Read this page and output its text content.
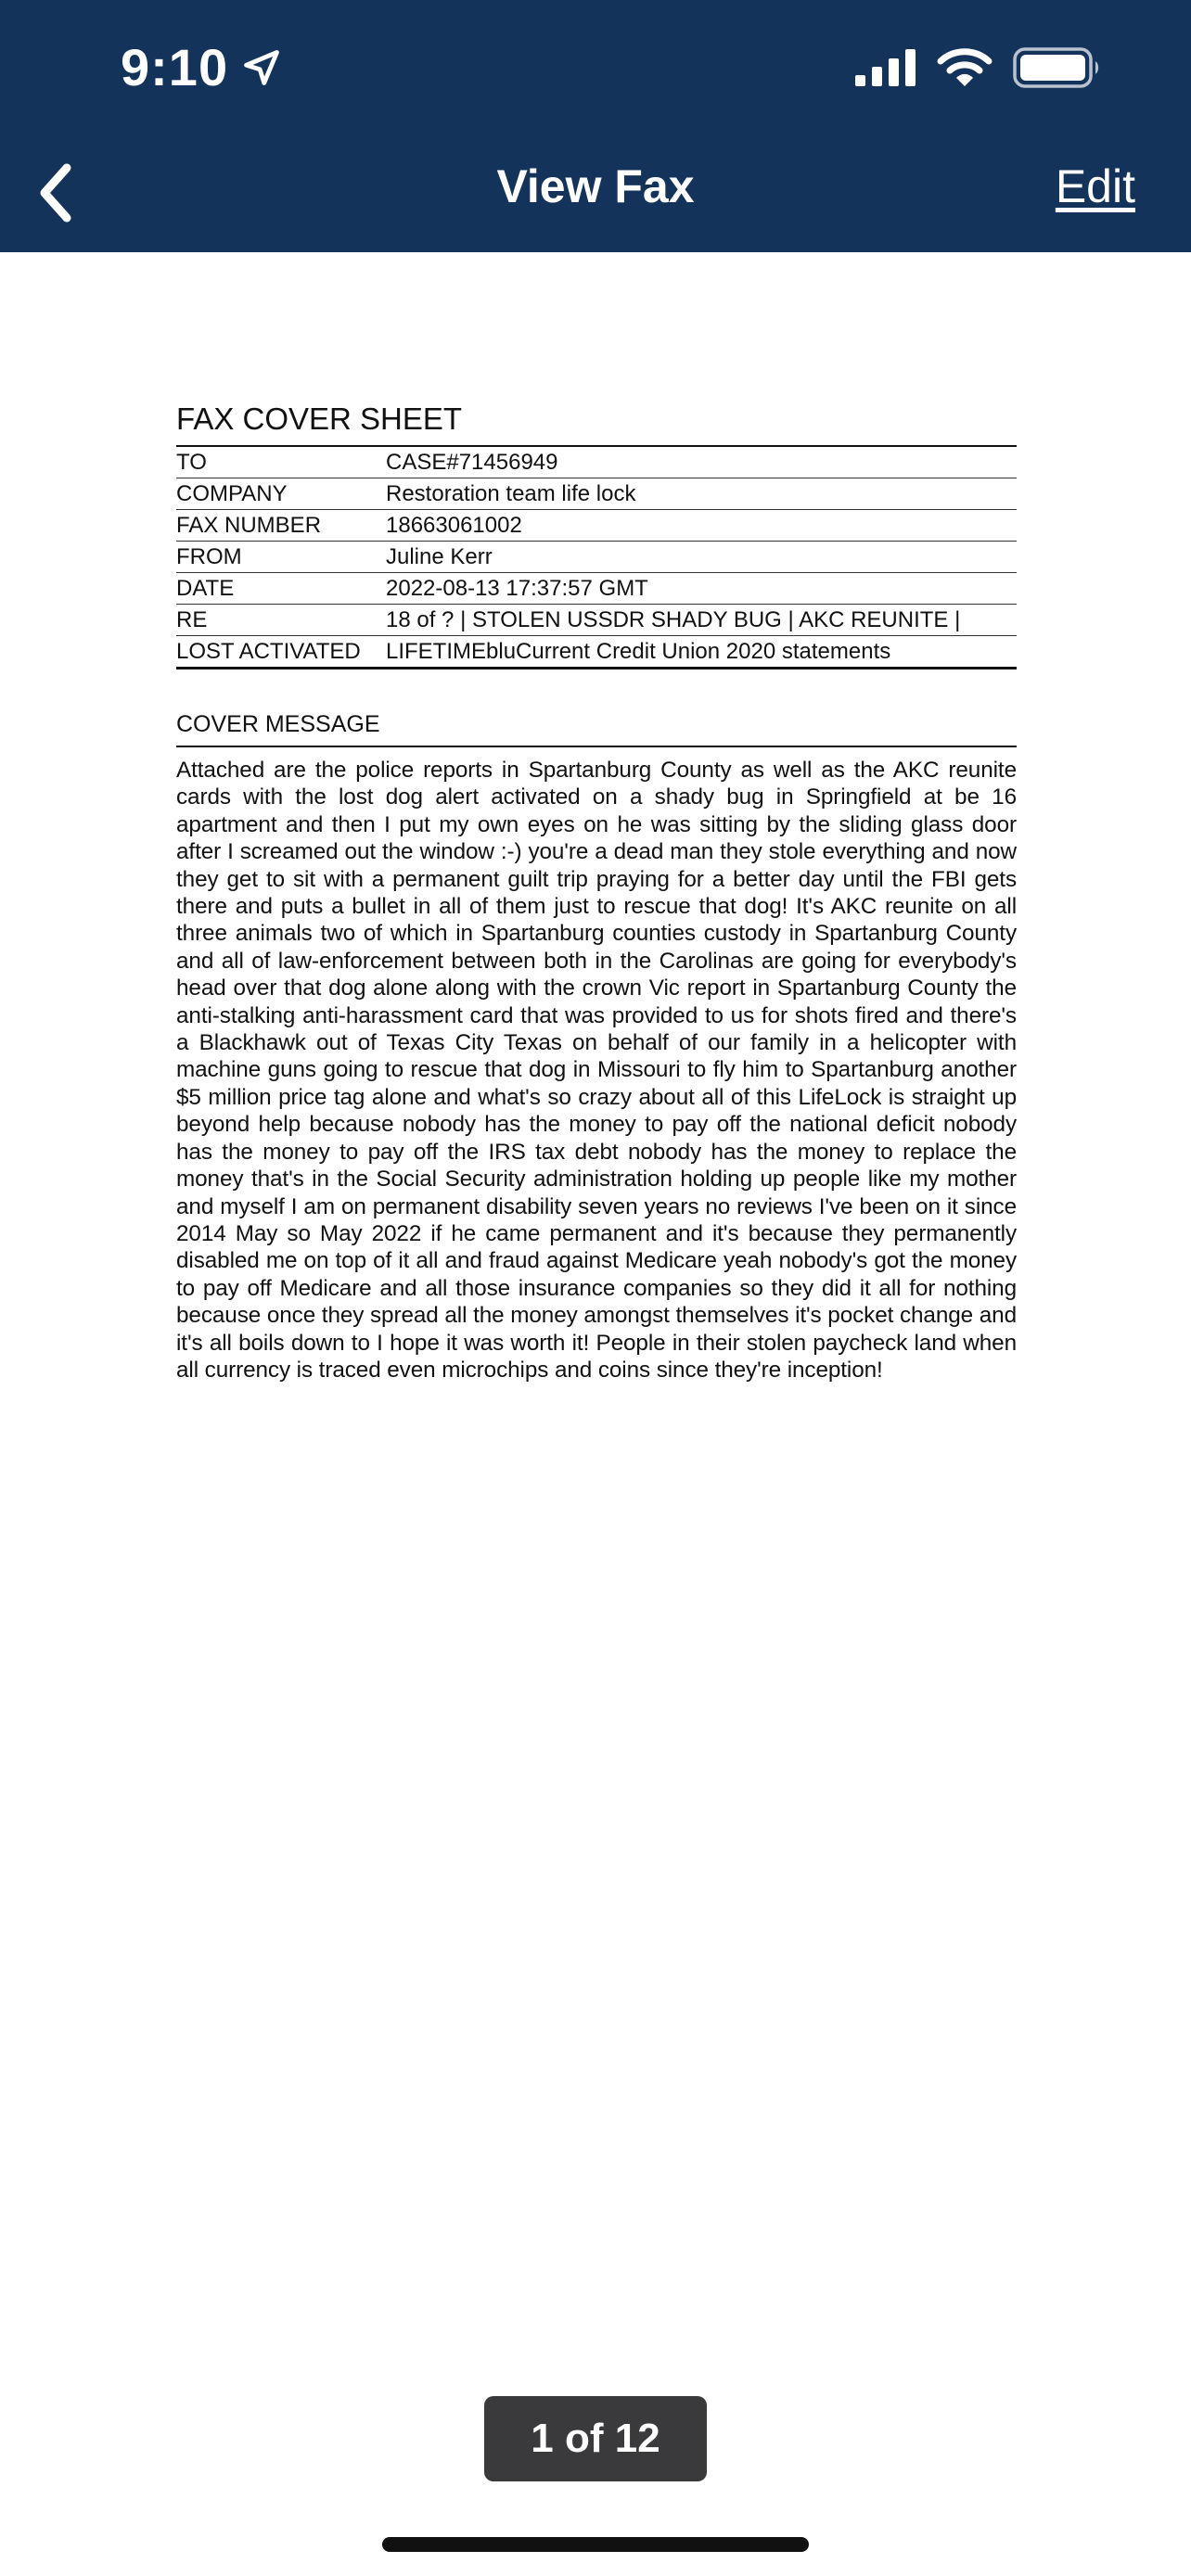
9:10
View Fax	Edit
FAX COVER SHEET
TO	CASE#71456949
COMPANY	Restoration team life lock
FAX NUMBER	18663061002
FROM	Juline Kerr
DATE	2022-08-13 17:37:57 GMT
RE	18 of ? | STOLEN USSDR SHADY BUG | AKC REUNITE |
LOST ACTIVATED	LIFETIMEbluCurrent Credit Union 2020 statements
COVER MESSAGE
Attached are the police reports in Spartanburg County as well as the AKC reunite cards with the lost dog alert activated on a shady bug in Springfield at be 16 apartment and then I put my own eyes on he was sitting by the sliding glass door after I screamed out the window :-) you're a dead man they stole everything and now they get to sit with a permanent guilt trip praying for a better day until the FBI gets there and puts a bullet in all of them just to rescue that dog! It's AKC reunite on all three animals two of which in Spartanburg counties custody in Spartanburg County and all of law-enforcement between both in the Carolinas are going for everybody's head over that dog alone along with the crown Vic report in Spartanburg County the anti-stalking anti-harassment card that was provided to us for shots fired and there's a Blackhawk out of Texas City Texas on behalf of our family in a helicopter with machine guns going to rescue that dog in Missouri to fly him to Spartanburg another $5 million price tag alone and what's so crazy about all of this LifeLock is straight up beyond help because nobody has the money to pay off the national deficit nobody has the money to pay off the IRS tax debt nobody has the money to replace the money that's in the Social Security administration holding up people like my mother and myself I am on permanent disability seven years no reviews I've been on it since 2014 May so May 2022 if he came permanent and it's because they permanently disabled me on top of it all and fraud against Medicare yeah nobody's got the money to pay off Medicare and all those insurance companies so they did it all for nothing because once they spread all the money amongst themselves it's pocket change and it's all boils down to I hope it was worth it! People in their stolen paycheck land when all currency is traced even microchips and coins since they're inception!
1 of 12
